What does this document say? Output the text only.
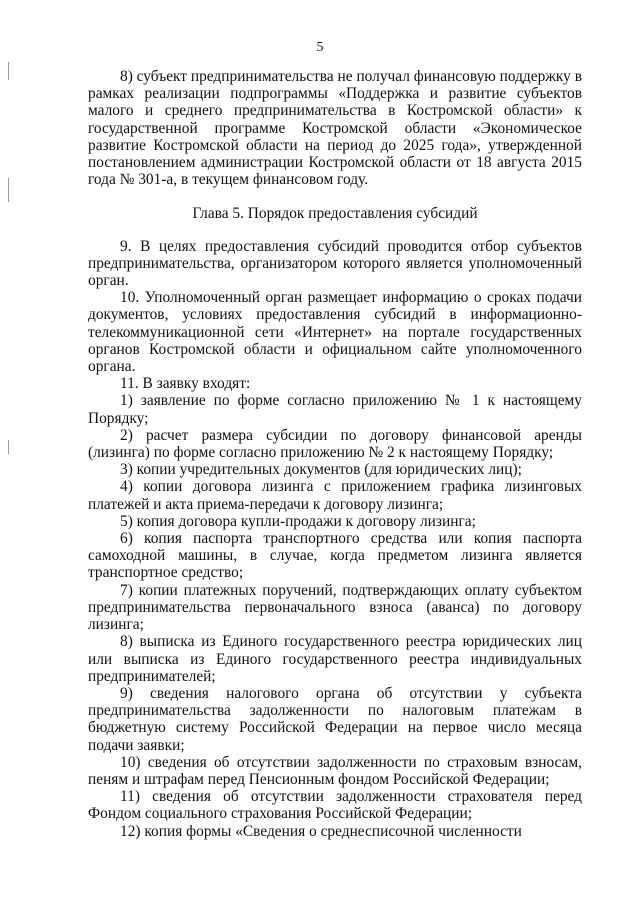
5

8) субъект предпринимательства не получал финансовую поддержку в рамках реализации подпрограммы «Поддержка и развитие субъектов малого и среднего предпринимательства в Костромской области» к государственной программе Костромской области «Экономическое развитие Костромской области на период до 2025 года», утвержденной постановлением администрации Костромской области от 18 августа 2015 года № 301-а, в текущем финансовом году.

Глава 5. Порядок предоставления субсидий

9. В целях предоставления субсидий проводится отбор субъектов предпринимательства, организатором которого является уполномоченный орган.

10. Уполномоченный орган размещает информацию о сроках подачи документов, условиях предоставления субсидий в информационно-телекоммуникационной сети «Интернет» на портале государственных органов Костромской области и официальном сайте уполномоченного органа.

11. В заявку входят:

1) заявление по форме согласно приложению № 1 к настоящему Порядку;

2) расчет размера субсидии по договору финансовой аренды (лизинга) по форме согласно приложению № 2 к настоящему Порядку;

3) копии учредительных документов (для юридических лиц);

4) копии договора лизинга с приложением графика лизинговых платежей и акта приема-передачи к договору лизинга;

5) копия договора купли-продажи к договору лизинга;

6) копия паспорта транспортного средства или копия паспорта самоходной машины, в случае, когда предметом лизинга является транспортное средство;

7) копии платежных поручений, подтверждающих оплату субъектом предпринимательства первоначального взноса (аванса) по договору лизинга;

8) выписка из Единого государственного реестра юридических лиц или выписка из Единого государственного реестра индивидуальных предпринимателей;

9) сведения налогового органа об отсутствии у субъекта предпринимательства задолженности по налоговым платежам в бюджетную систему Российской Федерации на первое число месяца подачи заявки;

10) сведения об отсутствии задолженности по страховым взносам, пеням и штрафам перед Пенсионным фондом Российской Федерации;

11) сведения об отсутствии задолженности страхователя перед Фондом социального страхования Российской Федерации;

12) копия формы «Сведения о среднесписочной численности
